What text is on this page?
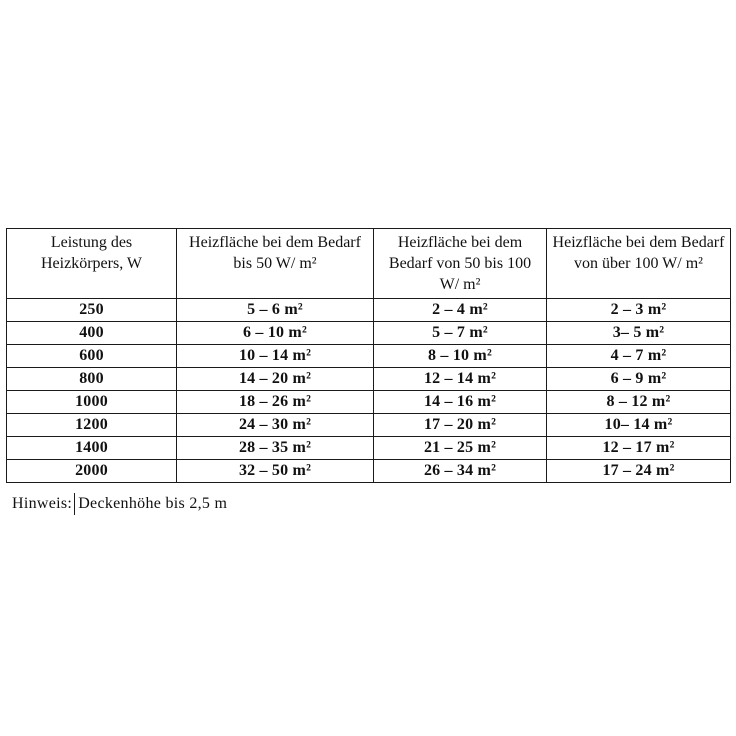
Leistung des Heizkörpers, W	Heizfläche bei dem Bedarf bis 50 W/ m²	Heizfläche bei dem Bedarf von 50 bis 100 W/ m²	Heizfläche bei dem Bedarf von über 100 W/ m²
250	5 – 6 m²	2 – 4 m²	2 – 3 m²
400	6 – 10 m²	5 – 7 m²	3– 5 m²
600	10 – 14 m²	8 – 10 m²	4 – 7 m²
800	14 – 20 m²	12 – 14 m²	6 – 9 m²
1000	18 – 26 m²	14 – 16 m²	8 – 12 m²
1200	24 – 30 m²	17 – 20 m²	10– 14 m²
1400	28 – 35 m²	21 – 25 m²	12 – 17 m²
2000	32 – 50 m²	26 – 34 m²	17 – 24 m²
Hinweis: Deckenhöhe bis 2,5 m
